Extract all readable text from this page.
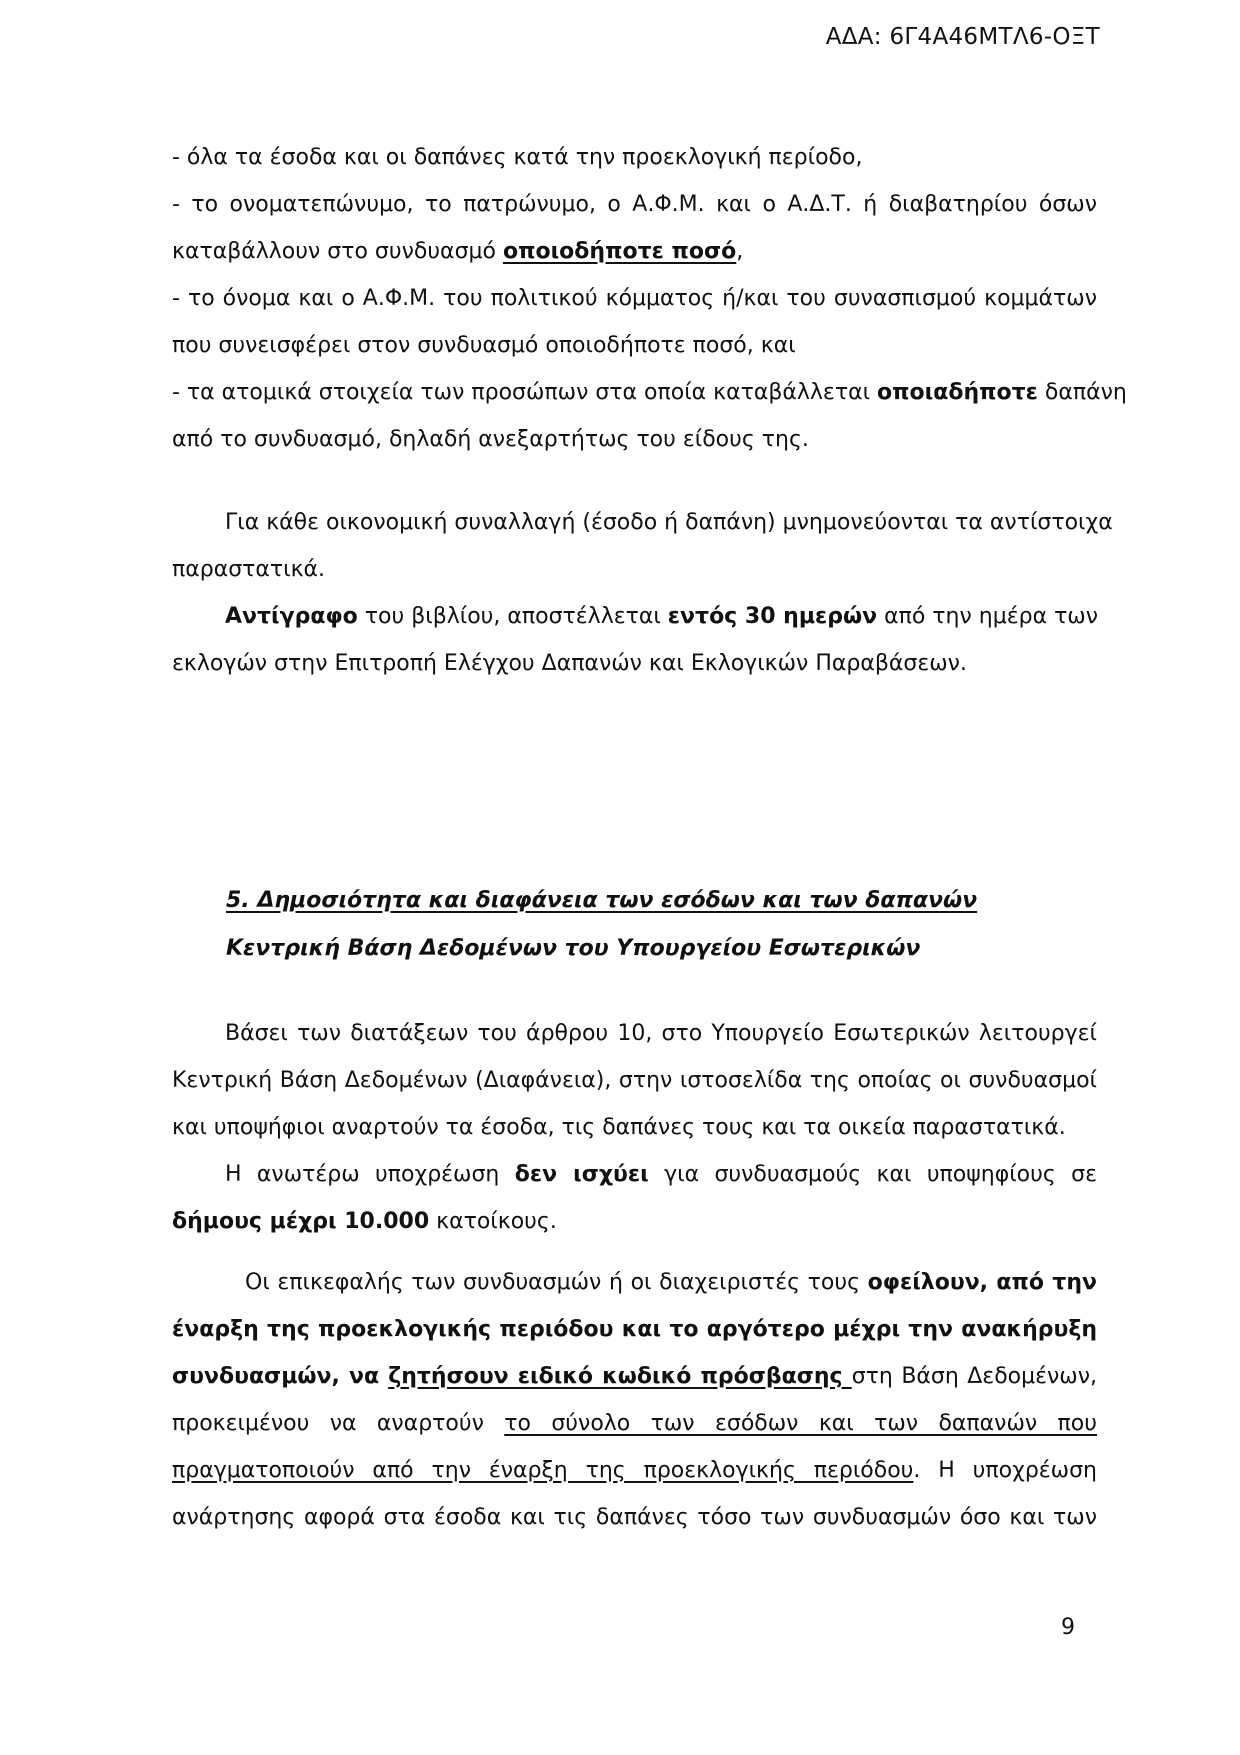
ΑΔΑ: 6Γ4Α46ΜΤΛ6-ΟΞΤ
- όλα τα έσοδα και οι δαπάνες κατά την προεκλογική περίοδο,
- το ονοματεπώνυμο, το πατρώνυμο, ο Α.Φ.Μ. και ο Α.Δ.Τ. ή διαβατηρίου όσων
καταβάλλουν στο συνδυασμό οποιοδήποτε ποσό,
- το όνομα και ο Α.Φ.Μ. του πολιτικού κόμματος ή/και του συνασπισμού κομμάτων
που συνεισφέρει στον συνδυασμό οποιοδήποτε ποσό, και
- τα ατομικά στοιχεία των προσώπων στα οποία καταβάλλεται οποιαδήποτε δαπάνη
από το συνδυασμό, δηλαδή ανεξαρτήτως του είδους της.
Για κάθε οικονομική συναλλαγή (έσοδο ή δαπάνη) μνημονεύονται τα αντίστοιχα
παραστατικά.
Αντίγραφο του βιβλίου, αποστέλλεται εντός 30 ημερών από την ημέρα των
εκλογών στην Επιτροπή Ελέγχου Δαπανών και Εκλογικών Παραβάσεων.
5. Δημοσιότητα και διαφάνεια των εσόδων και των δαπανών
Κεντρική Βάση Δεδομένων του Υπουργείου Εσωτερικών
Βάσει των διατάξεων του άρθρου 10, στο Υπουργείο Εσωτερικών λειτουργεί
Κεντρική Βάση Δεδομένων (Διαφάνεια), στην ιστοσελίδα της οποίας οι συνδυασμοί
και υποψήφιοι αναρτούν τα έσοδα, τις δαπάνες τους και τα οικεία παραστατικά.
Η ανωτέρω υποχρέωση δεν ισχύει για συνδυασμούς και υποψηφίους σε
δήμους μέχρι 10.000 κατοίκους.
Οι επικεφαλής των συνδυασμών ή οι διαχειριστές τους οφείλουν, από την
έναρξη της προεκλογικής περιόδου και το αργότερο μέχρι την ανακήρυξη
συνδυασμών, να ζητήσουν ειδικό κωδικό πρόσβασης στη Βάση Δεδομένων,
προκειμένου να αναρτούν το σύνολο των εσόδων και των δαπανών που
πραγματοποιούν από την έναρξη της προεκλογικής περιόδου. Η υποχρέωση
ανάρτησης αφορά στα έσοδα και τις δαπάνες τόσο των συνδυασμών όσο και των
9
